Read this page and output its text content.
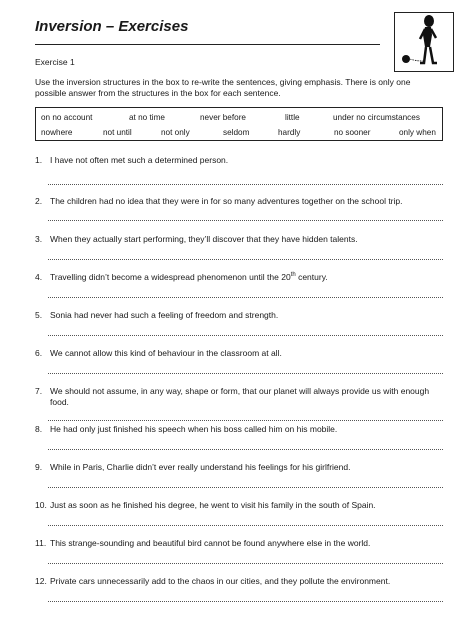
Inversion – Exercises
Exercise 1
Use the inversion structures in the box to re-write the sentences, giving emphasis. There is only one possible answer from the structures in the box for each sentence.
on no account	at no time	never before	little	under no circumstances
nowhere	not until	not only	seldom	hardly	no sooner	only when
1. I have not often met such a determined person.
2. The children had no idea that they were in for so many adventures together on the school trip.
3. When they actually start performing, they’ll discover that they have hidden talents.
4. Travelling didn’t become a widespread phenomenon until the 20th century.
5. Sonia had never had such a feeling of freedom and strength.
6. We cannot allow this kind of behaviour in the classroom at all.
7. We should not assume, in any way, shape or form, that our planet will always provide us with enough food.
8. He had only just finished his speech when his boss called him on his mobile.
9. While in Paris, Charlie didn’t ever really understand his feelings for his girlfriend.
10. Just as soon as he finished his degree, he went to visit his family in the south of Spain.
11. This strange-sounding and beautiful bird cannot be found anywhere else in the world.
12. Private cars unnecessarily add to the chaos in our cities, and they pollute the environment.
